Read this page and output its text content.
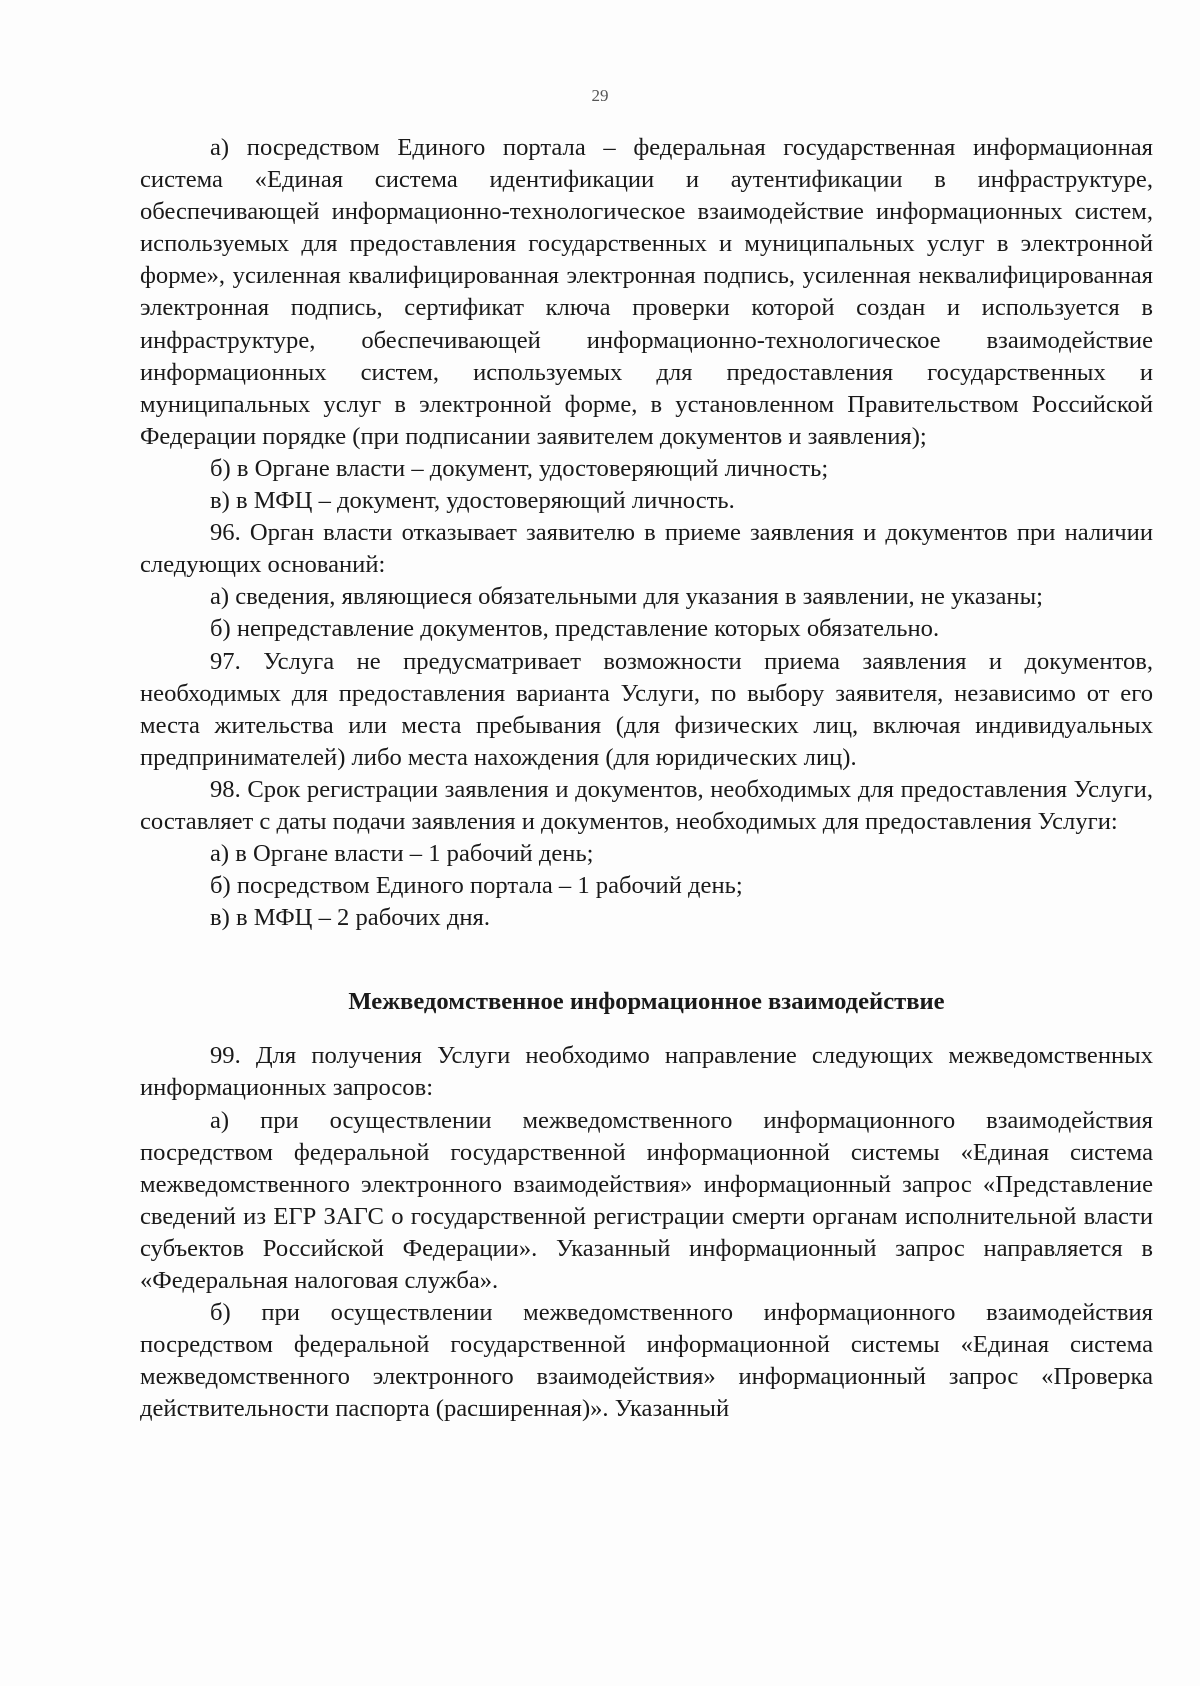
29

а) посредством Единого портала – федеральная государственная информационная система «Единая система идентификации и аутентификации в инфраструктуре, обеспечивающей информационно-технологическое взаимодействие информационных систем, используемых для предоставления государственных и муниципальных услуг в электронной форме», усиленная квалифицированная электронная подпись, усиленная неквалифицированная электронная подпись, сертификат ключа проверки которой создан и используется в инфраструктуре, обеспечивающей информационно-технологическое взаимодействие информационных систем, используемых для предоставления государственных и муниципальных услуг в электронной форме, в установленном Правительством Российской Федерации порядке (при подписании заявителем документов и заявления);

б) в Органе власти – документ, удостоверяющий личность;

в) в МФЦ – документ, удостоверяющий личность.

96. Орган власти отказывает заявителю в приеме заявления и документов при наличии следующих оснований:

а) сведения, являющиеся обязательными для указания в заявлении, не указаны;

б) непредставление документов, представление которых обязательно.

97. Услуга не предусматривает возможности приема заявления и документов, необходимых для предоставления варианта Услуги, по выбору заявителя, независимо от его места жительства или места пребывания (для физических лиц, включая индивидуальных предпринимателей) либо места нахождения (для юридических лиц).

98. Срок регистрации заявления и документов, необходимых для предоставления Услуги, составляет с даты подачи заявления и документов, необходимых для предоставления Услуги:

а) в Органе власти – 1 рабочий день;

б) посредством Единого портала – 1 рабочий день;

в) в МФЦ – 2 рабочих дня.

Межведомственное информационное взаимодействие

99. Для получения Услуги необходимо направление следующих межведомственных информационных запросов:

а) при осуществлении межведомственного информационного взаимодействия посредством федеральной государственной информационной системы «Единая система межведомственного электронного взаимодействия» информационный запрос «Представление сведений из ЕГР ЗАГС о государственной регистрации смерти органам исполнительной власти субъектов Российской Федерации». Указанный информационный запрос направляется в «Федеральная налоговая служба».

б) при осуществлении межведомственного информационного взаимодействия посредством федеральной государственной информационной системы «Единая система межведомственного электронного взаимодействия» информационный запрос «Проверка действительности паспорта (расширенная)». Указанный
